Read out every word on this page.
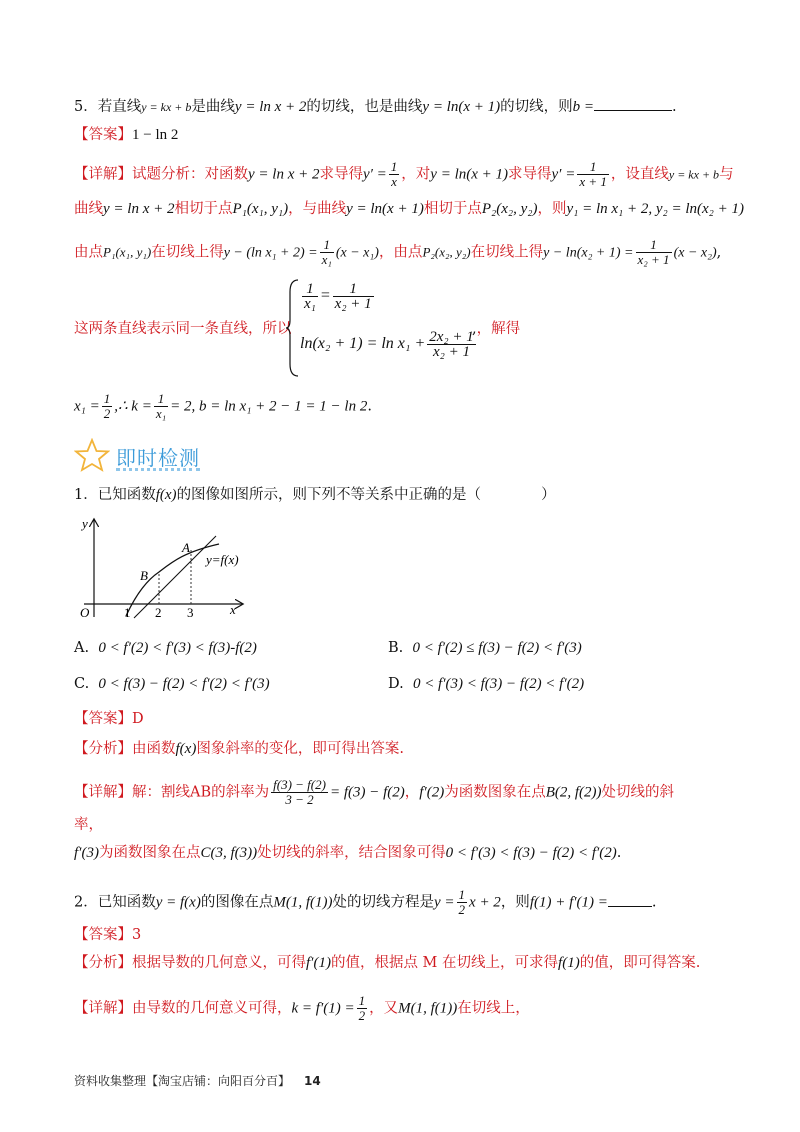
5．若直线y = kx + b是曲线y = ln x + 2的切线，也是曲线y = ln(x + 1)的切线，则b =	.
【答案】1 − ln 2
【详解】试题分析：对函数y = ln x + 2求导得$y' = \frac{1}{x}$ ，对y = ln(x + 1)求导得$y' = \frac{1}{x + 1}$ ，设直线y = kx + b与
曲线y = ln x + 2相切于点P₁(x₁, y₁)，与曲线y = ln(x + 1)相切于点P₂(x₂, y₂)，则y₁ = ln x₁ + 2, y₂ = ln(x₂ + 1)
由点P₁(x₁, y₁)在切线上得y − (ln $x_1 + 2) = \frac{1}{\text{x₁}} (x - x_1)$，由点P₂(x₂, y₂)在切线上得$y - \ln(x_2 + 1) = \frac{1}{\text{x₂ + 1}} (x - x_2)$,
这两条直线表示同一条直线，所以
$\frac{1}{\text{x₁}} = \frac{1}{\text{x₂ + 1}}$
$\ln(x_2 + 1) = \ln x_1 + \frac{\text{2x₂ + 1}}{\text{x₂ + 1}}$
,，解得
$x_1 = \frac{1}{2}$ ,∴ $k = \frac{1}{\text{x₁}} = 2$, b = ln x₁ + 2 − 1 = 1 − ln 2.
即时检测
1．已知函数f(x)的图像如图所示，则下列不等关系中正确的是（	）
y
x
O	1 2 3
A
B
y=f(x)
A. 0 < f′(2) < f′(3) < f(3)-f(2)	B. 0 < f′(2) ≤ f(3) − f(2) < f′(3)
C. 0 < f(3) − f(2) < f′(2) < f′(3)	D. 0 < f′(3) < f(3) − f(2) < f′(2)
【答案】D
【分析】由函数f(x)图象斜率的变化，即可得出答案.
【详解】解：割线AB的斜率为 $\frac{f(3) - f(2)}{3 - 2} = f(3) - f(2)$，f′(2)为函数图象在点B(2, f(2))处切线的斜
率，
f′(3)为函数图象在点C(3, f(3))处切线的斜率，结合图象可得0 < f′(3) < f(3) − f(2) < f′(2).
2．已知函数y = f(x)的图像在点M(1, f(1))处的切线方程是$y = \frac{1}{2}$ x + 2，则f(1) + f′(1) =	.
【答案】3
【分析】根据导数的几何意义，可得f′(1)的值，根据点 M 在切线上，可求得f(1)的值，即可得答案.
【详解】由导数的几何意义可得，$k = f'(1) = \frac{1}{2}$ ，又M(1, f(1))在切线上，
资料收集整理【淘宝店铺：向阳百分百】 14
